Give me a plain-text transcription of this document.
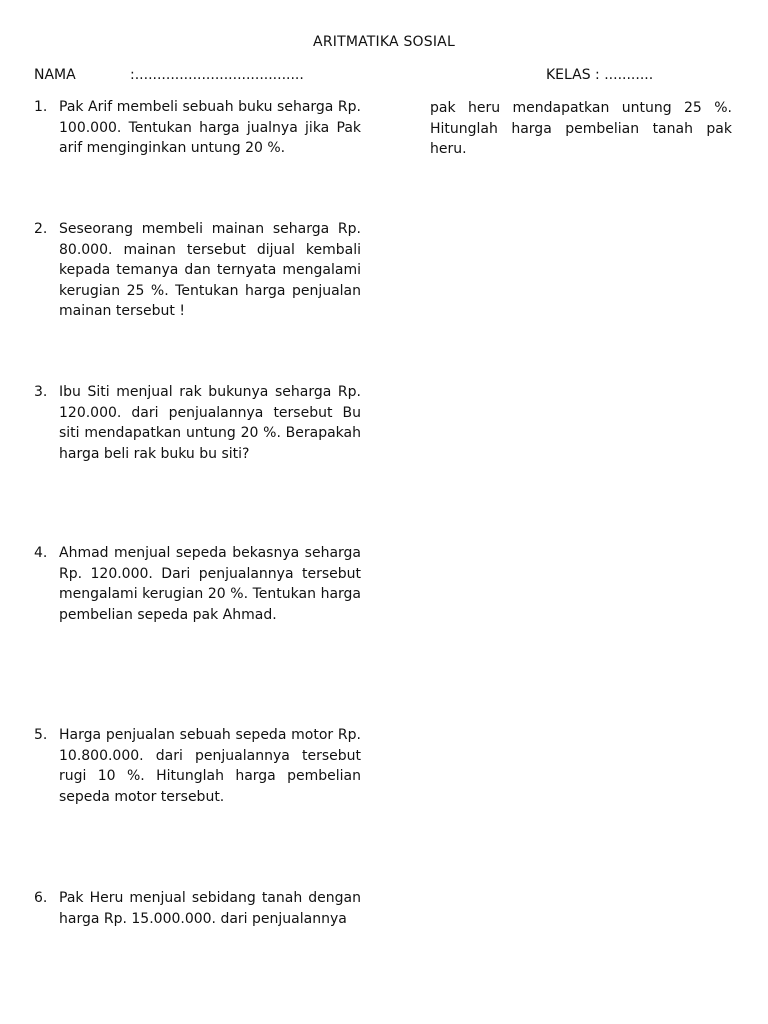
ARITMATIKA SOSIAL
NAMA	:......................................	KELAS : ...........
1. Pak Arif membeli sebuah buku seharga Rp. 100.000. Tentukan harga jualnya jika Pak arif menginginkan untung 20 %.
2. Seseorang membeli mainan seharga Rp. 80.000. mainan tersebut dijual kembali kepada temanya dan ternyata mengalami kerugian 25 %. Tentukan harga penjualan mainan tersebut !
3. Ibu Siti menjual rak bukunya seharga Rp. 120.000. dari penjualannya tersebut Bu siti mendapatkan untung 20 %. Berapakah harga beli rak buku bu siti?
4. Ahmad menjual sepeda bekasnya seharga Rp. 120.000. Dari penjualannya tersebut mengalami kerugian 20 %. Tentukan harga pembelian sepeda pak Ahmad.
5. Harga penjualan sebuah sepeda motor Rp. 10.800.000. dari penjualannya tersebut rugi 10 %. Hitunglah harga pembelian sepeda motor tersebut.
6. Pak Heru menjual sebidang tanah dengan harga Rp. 15.000.000. dari penjualannya
pak heru mendapatkan untung 25 %. Hitunglah harga pembelian tanah pak heru.
